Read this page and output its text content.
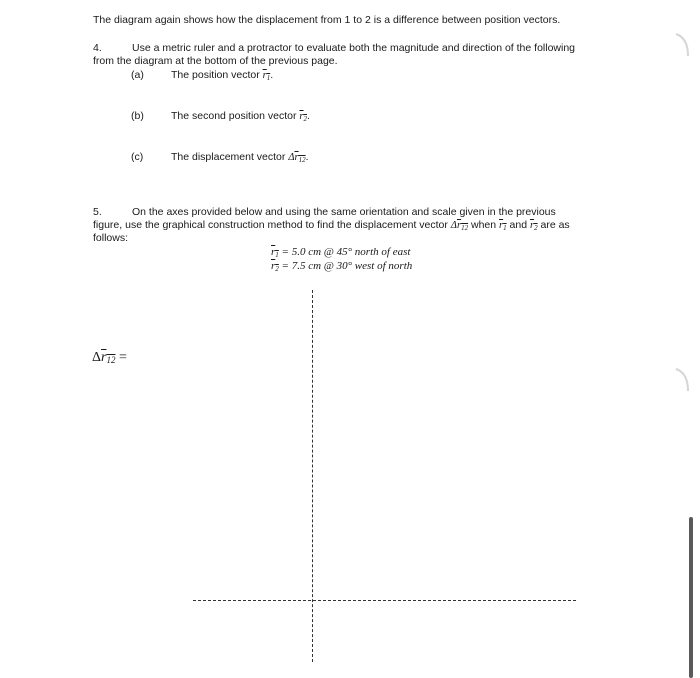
The diagram again shows how the displacement from 1 to 2 is a difference between position vectors.
4.	Use a metric ruler and a protractor to evaluate both the magnitude and direction of the following
from the diagram at the bottom of the previous page.
(a)	The position vector $r_1$.
(b)	The second position vector $r_2$.
(c)	The displacement vector $\Delta r_{12}$.
5.	On the axes provided below and using the same orientation and scale given in the previous
figure, use the graphical construction method to find the displacement vector $\Delta r_{12}$ when $r_1$ and $r_2$ are as
follows:
$r_1 = 5.0$ cm @ 45° north of east
$r_2 = 7.5$ cm @ 30° west of north
$\Delta r_{12}$ =
